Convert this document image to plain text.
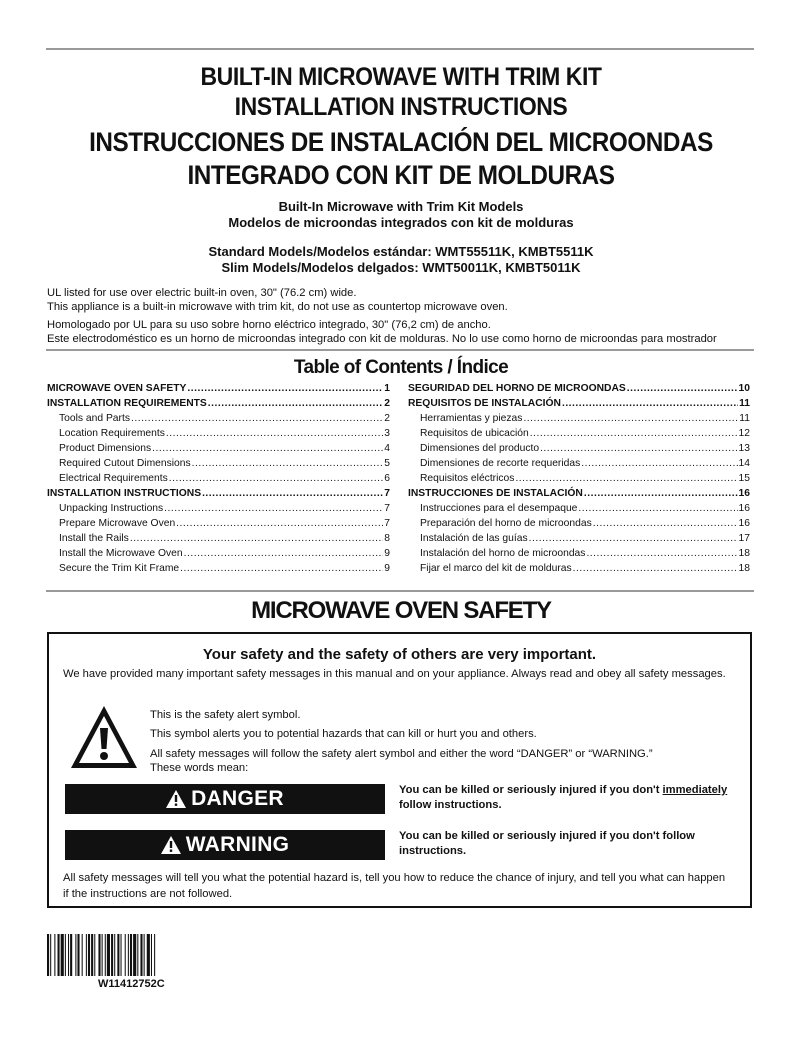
BUILT-IN MICROWAVE WITH TRIM KIT
INSTALLATION INSTRUCTIONS
INSTRUCCIONES DE INSTALACIÓN DEL MICROONDAS
INTEGRADO CON KIT DE MOLDURAS
Built-In Microwave with Trim Kit Models
Modelos de microondas integrados con kit de molduras
Standard Models/Modelos estándar: WMT55511K, KMBT5511K
Slim Models/Modelos delgados: WMT50011K, KMBT5011K
UL listed for use over electric built-in oven, 30" (76.2 cm) wide.
This appliance is a built-in microwave with trim kit, do not use as countertop microwave oven.
Homologado por UL para su uso sobre horno eléctrico integrado, 30" (76,2 cm) de ancho.
Este electrodoméstico es un horno de microondas integrado con kit de molduras. No lo use como horno de microondas para mostrador
Table of Contents / Índice
MICROWAVE OVEN SAFETY .....	1
INSTALLATION REQUIREMENTS .....	2
Tools and Parts .....	2
Location Requirements .....	3
Product Dimensions .....	4
Required Cutout Dimensions .....	5
Electrical Requirements .....	6
INSTALLATION INSTRUCTIONS .....	7
Unpacking Instructions .....	7
Prepare Microwave Oven .....	7
Install the Rails .....	8
Install the Microwave Oven .....	9
Secure the Trim Kit Frame .....	9
SEGURIDAD DEL HORNO DE MICROONDAS .....	10
REQUISITOS DE INSTALACIÓN .....	11
Herramientas y piezas .....	11
Requisitos de ubicación .....	12
Dimensiones del producto .....	13
Dimensiones de recorte requeridas .....	14
Requisitos eléctricos .....	15
INSTRUCCIONES DE INSTALACIÓN .....	16
Instrucciones para el desempaque .....	16
Preparación del horno de microondas .....	16
Instalación de las guías .....	17
Instalación del horno de microondas .....	18
Fijar el marco del kit de molduras .....	18
MICROWAVE OVEN SAFETY
Your safety and the safety of others are very important.
We have provided many important safety messages in this manual and on your appliance. Always read and obey all safety messages.
This is the safety alert symbol.
This symbol alerts you to potential hazards that can kill or hurt you and others.
All safety messages will follow the safety alert symbol and either the word “DANGER” or “WARNING.”
These words mean:
DANGER	You can be killed or seriously injured if you don't immediately follow instructions.
WARNING	You can be killed or seriously injured if you don't follow instructions.
All safety messages will tell you what the potential hazard is, tell you how to reduce the chance of injury, and tell you what can happen if the instructions are not followed.
W11412752C
